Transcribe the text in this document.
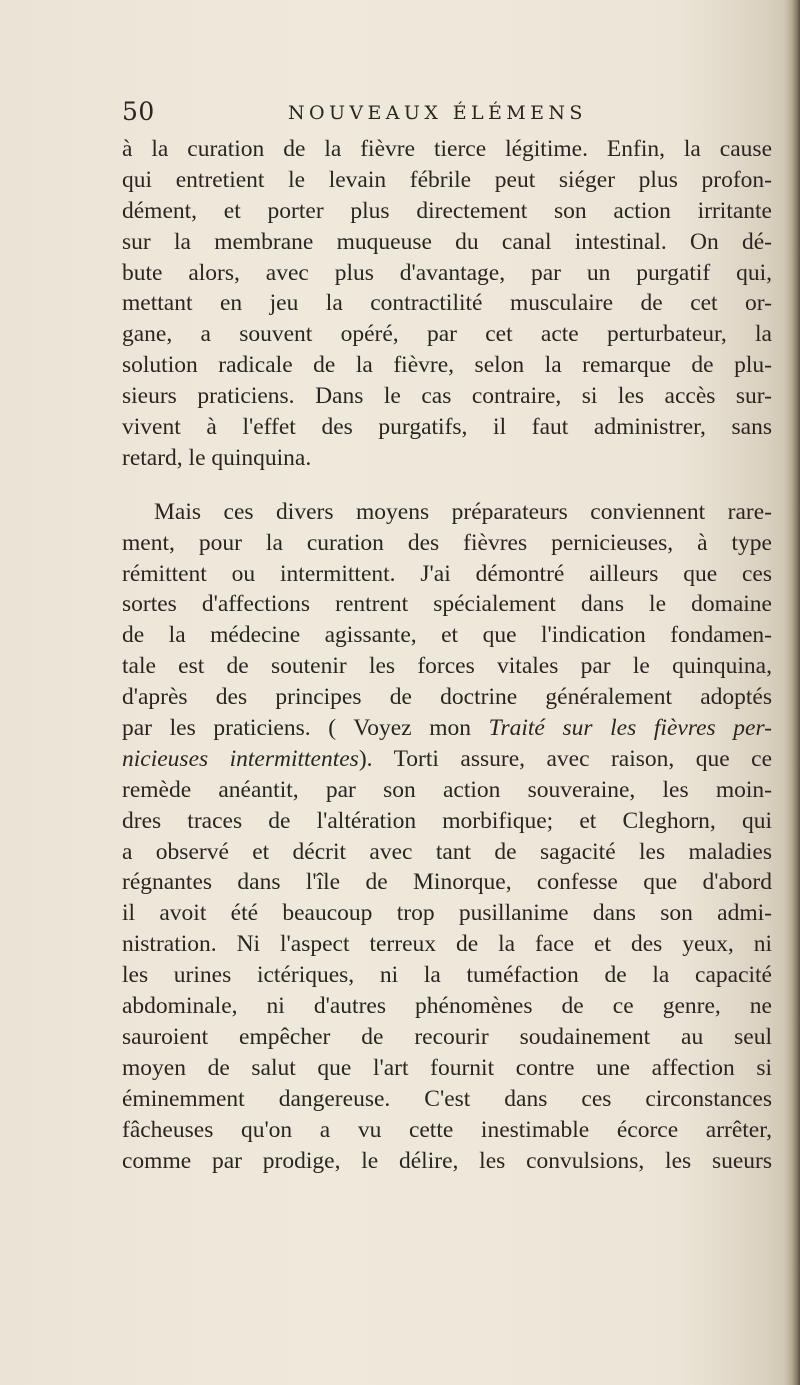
50	NOUVEAUX ÉLÉMENS
à la curation de la fièvre tierce légitime. Enfin, la cause
qui entretient le levain fébrile peut siéger plus profon-
dément, et porter plus directement son action irritante
sur la membrane muqueuse du canal intestinal. On dé-
bute alors, avec plus d'avantage, par un purgatif qui,
mettant en jeu la contractilité musculaire de cet or-
gane, a souvent opéré, par cet acte perturbateur, la
solution radicale de la fièvre, selon la remarque de plu-
sieurs praticiens. Dans le cas contraire, si les accès sur-
vivent à l'effet des purgatifs, il faut administrer, sans
retard, le quinquina.
Mais ces divers moyens préparateurs conviennent rare-
ment, pour la curation des fièvres pernicieuses, à type
rémittent ou intermittent. J'ai démontré ailleurs que ces
sortes d'affections rentrent spécialement dans le domaine
de la médecine agissante, et que l'indication fondamen-
tale est de soutenir les forces vitales par le quinquina,
d'après des principes de doctrine généralement adoptés
par les praticiens. ( Voyez mon Traité sur les fièvres per-
nicieuses intermittentes). Torti assure, avec raison, que ce
remède anéantit, par son action souveraine, les moin-
dres traces de l'altération morbifique; et Cleghorn, qui
a observé et décrit avec tant de sagacité les maladies
régnantes dans l'île de Minorque, confesse que d'abord
il avoit été beaucoup trop pusillanime dans son admi-
nistration. Ni l'aspect terreux de la face et des yeux, ni
les urines ictériques, ni la tuméfaction de la capacité
abdominale, ni d'autres phénomènes de ce genre, ne
sauroient empêcher de recourir soudainement au seul
moyen de salut que l'art fournit contre une affection si
éminemment dangereuse. C'est dans ces circonstances
fâcheuses qu'on a vu cette inestimable écorce arrêter,
comme par prodige, le délire, les convulsions, les sueurs
